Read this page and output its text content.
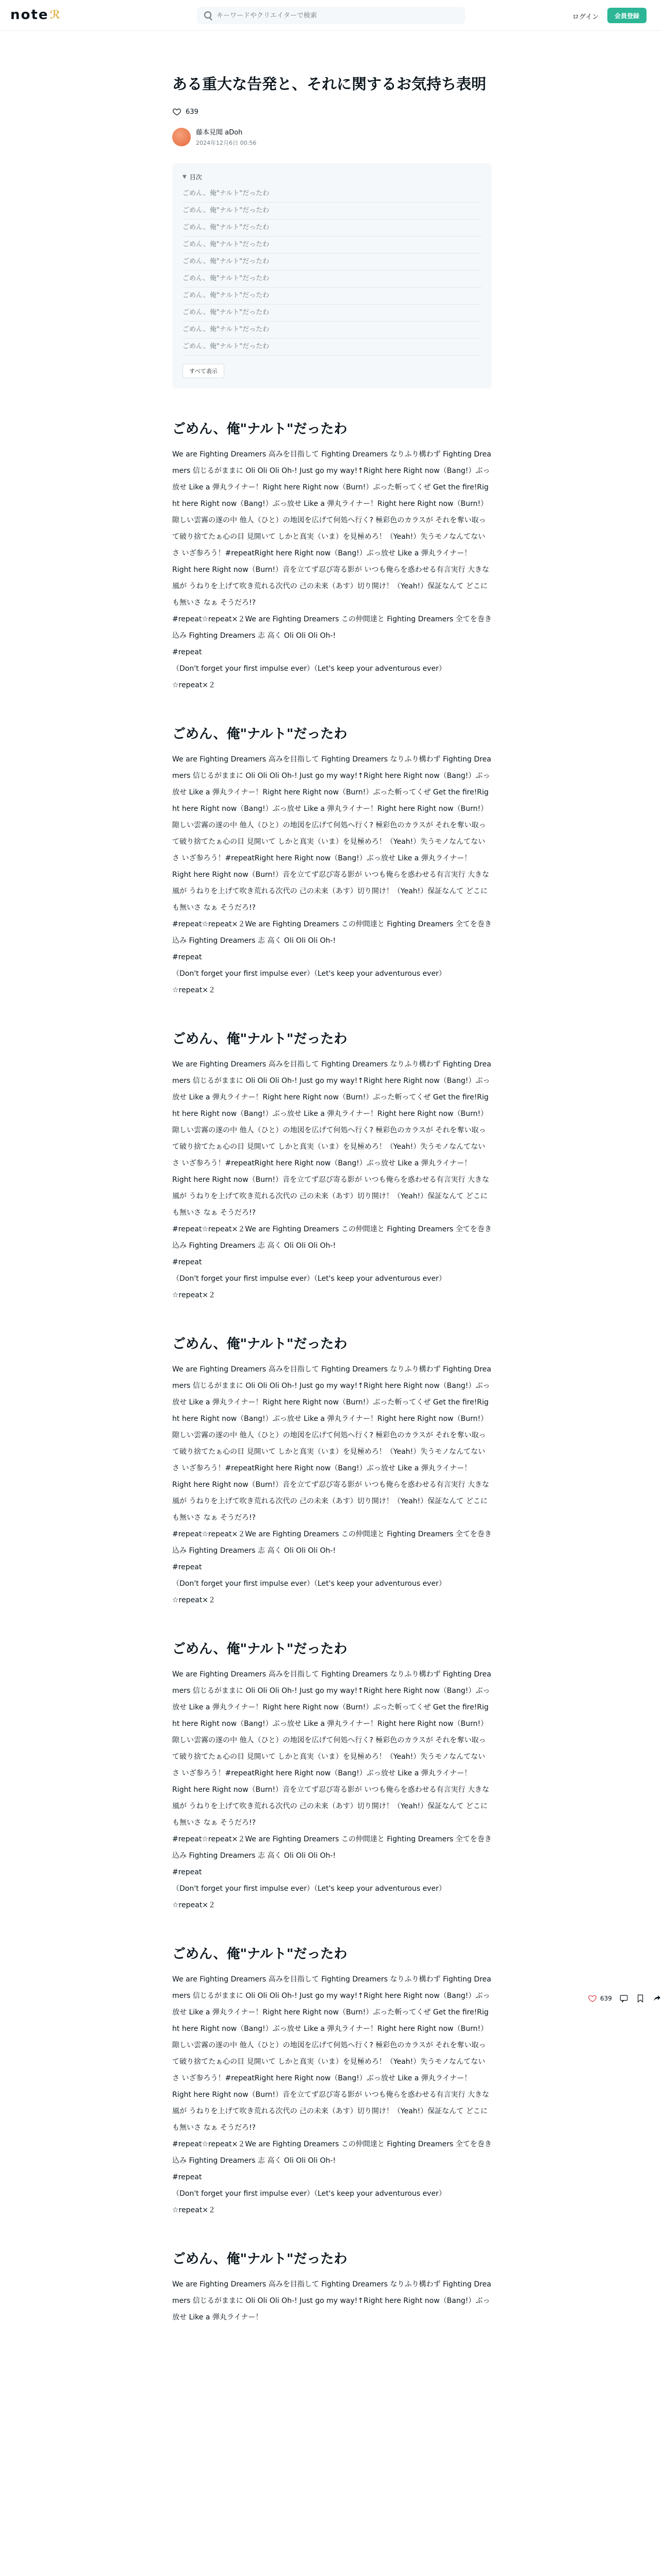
note ℛ
キーワードやクリエイターで検索	ログイン	会員登録
ある重大な告発と、それに関するお気持ち表明
639
藤本見聞 aDoh
2024年12月6日 00:56
▼ 目次
ごめん、俺"ナルト"だったわ
ごめん、俺"ナルト"だったわ
ごめん、俺"ナルト"だったわ
ごめん、俺"ナルト"だったわ
ごめん、俺"ナルト"だったわ
ごめん、俺"ナルト"だったわ
ごめん、俺"ナルト"だったわ
ごめん、俺"ナルト"だったわ
ごめん、俺"ナルト"だったわ
ごめん、俺"ナルト"だったわ
すべて表示
ごめん、俺"ナルト"だったわ

We are Fighting Dreamers 高みを目指して Fighting Dreamers なりふり構わず Fighting Dreamers 信じるがままに Oli Oli Oli Oh-! Just go my way!↑Right here Right now（Bang!）ぶっ放せ Like a 弾丸ライナー！Right here Right now（Burn!）ぶった斬ってくぜ Get the fire!Right here Right now（Bang!）ぶっ放せ Like a 弾丸ライナー！Right here Right now（Burn!）隙しい雲霧の遂の中 他人（ひと）の地図を広げて何処へ行く? 極彩色のカラスが それを奪い取って破り捨てたぁ心の目 見開いて しかと真実（いま）を見極めろ！（Yeah!）失うモノなんてないさ いざ参ろう！#repeatRight here Right now（Bang!）ぶっ放せ Like a 弾丸ライナー！

Right here Right now（Burn!）音を立てず忍び寄る影が いつも俺らを惑わせる有言実行 大きな風が うねりを上げて吹き荒れる次代の 己の未来（あす）切り開け！（Yeah!）保証なんて どこにも無いさ なぁ そうだろ!?

#repeat☆repeat×２We are Fighting Dreamers この仲間達と Fighting Dreamers 全てを巻き込み Fighting Dreamers 志 高く Oli Oli Oli Oh-!

#repeat

（Don't forget your first impulse ever）（Let's keep your adventurous ever）

☆repeat×２

ごめん、俺"ナルト"だったわ

We are Fighting Dreamers 高みを目指して Fighting Dreamers なりふり構わず Fighting Dreamers 信じるがままに Oli Oli Oli Oh-! Just go my way!↑Right here Right now（Bang!）ぶっ放せ Like a 弾丸ライナー！Right here Right now（Burn!）ぶった斬ってくぜ Get the fire!Right here Right now（Bang!）ぶっ放せ Like a 弾丸ライナー！Right here Right now（Burn!）隙しい雲霧の遂の中 他人（ひと）の地図を広げて何処へ行く? 極彩色のカラスが それを奪い取って破り捨てたぁ心の目 見開いて しかと真実（いま）を見極めろ！（Yeah!）失うモノなんてないさ いざ参ろう！#repeatRight here Right now（Bang!）ぶっ放せ Like a 弾丸ライナー！

Right here Right now（Burn!）音を立てず忍び寄る影が いつも俺らを惑わせる有言実行 大きな風が うねりを上げて吹き荒れる次代の 己の未来（あす）切り開け！（Yeah!）保証なんて どこにも無いさ なぁ そうだろ!?

#repeat☆repeat×２We are Fighting Dreamers この仲間達と Fighting Dreamers 全てを巻き込み Fighting Dreamers 志 高く Oli Oli Oli Oh-!

#repeat

（Don't forget your first impulse ever）（Let's keep your adventurous ever）

☆repeat×２

ごめん、俺"ナルト"だったわ

We are Fighting Dreamers 高みを目指して Fighting Dreamers なりふり構わず Fighting Dreamers 信じるがままに Oli Oli Oli Oh-! Just go my way!↑Right here Right now（Bang!）ぶっ放せ Like a 弾丸ライナー！Right here Right now（Burn!）ぶった斬ってくぜ Get the fire!Right here Right now（Bang!）ぶっ放せ Like a 弾丸ライナー！Right here Right now（Burn!）隙しい雲霧の遂の中 他人（ひと）の地図を広げて何処へ行く? 極彩色のカラスが それを奪い取って破り捨てたぁ心の目 見開いて しかと真実（いま）を見極めろ！（Yeah!）失うモノなんてないさ いざ参ろう！#repeatRight here Right now（Bang!）ぶっ放せ Like a 弾丸ライナー！

Right here Right now（Burn!）音を立てず忍び寄る影が いつも俺らを惑わせる有言実行 大きな風が うねりを上げて吹き荒れる次代の 己の未来（あす）切り開け！（Yeah!）保証なんて どこにも無いさ なぁ そうだろ!?

#repeat☆repeat×２We are Fighting Dreamers この仲間達と Fighting Dreamers 全てを巻き込み Fighting Dreamers 志 高く Oli Oli Oli Oh-!

#repeat

（Don't forget your first impulse ever）（Let's keep your adventurous ever）

☆repeat×２

ごめん、俺"ナルト"だったわ

We are Fighting Dreamers 高みを目指して Fighting Dreamers なりふり構わず Fighting Dreamers 信じるがままに Oli Oli Oli Oh-! Just go my way!↑Right here Right now（Bang!）ぶっ放せ Like a 弾丸ライナー！Right here Right now（Burn!）ぶった斬ってくぜ Get the fire!Right here Right now（Bang!）ぶっ放せ Like a 弾丸ライナー！Right here Right now（Burn!）隙しい雲霧の遂の中 他人（ひと）の地図を広げて何処へ行く? 極彩色のカラスが それを奪い取って破り捨てたぁ心の目 見開いて しかと真実（いま）を見極めろ！（Yeah!）失うモノなんてないさ いざ参ろう！#repeatRight here Right now（Bang!）ぶっ放せ Like a 弾丸ライナー！

Right here Right now（Burn!）音を立てず忍び寄る影が いつも俺らを惑わせる有言実行 大きな風が うねりを上げて吹き荒れる次代の 己の未来（あす）切り開け！（Yeah!）保証なんて どこにも無いさ なぁ そうだろ!?

#repeat☆repeat×２We are Fighting Dreamers この仲間達と Fighting Dreamers 全てを巻き込み Fighting Dreamers 志 高く Oli Oli Oli Oh-!

#repeat

（Don't forget your first impulse ever）（Let's keep your adventurous ever）

☆repeat×２

ごめん、俺"ナルト"だったわ

We are Fighting Dreamers 高みを目指して Fighting Dreamers なりふり構わず Fighting Dreamers 信じるがままに Oli Oli Oli Oh-! Just go my way!↑Right here Right now（Bang!）ぶっ放せ Like a 弾丸ライナー！Right here Right now（Burn!）ぶった斬ってくぜ Get the fire!Right here Right now（Bang!）ぶっ放せ Like a 弾丸ライナー！Right here Right now（Burn!）隙しい雲霧の遂の中 他人（ひと）の地図を広げて何処へ行く? 極彩色のカラスが それを奪い取って破り捨てたぁ心の目 見開いて しかと真実（いま）を見極めろ！（Yeah!）失うモノなんてないさ いざ参ろう！#repeatRight here Right now（Bang!）ぶっ放せ Like a 弾丸ライナー！

Right here Right now（Burn!）音を立てず忍び寄る影が いつも俺らを惑わせる有言実行 大きな風が うねりを上げて吹き荒れる次代の 己の未来（あす）切り開け！（Yeah!）保証なんて どこにも無いさ なぁ そうだろ!?

#repeat☆repeat×２We are Fighting Dreamers この仲間達と Fighting Dreamers 全てを巻き込み Fighting Dreamers 志 高く Oli Oli Oli Oh-!

#repeat

（Don't forget your first impulse ever）（Let's keep your adventurous ever）

☆repeat×２

ごめん、俺"ナルト"だったわ

We are Fighting Dreamers 高みを目指して Fighting Dreamers なりふり構わず Fighting Dreamers 信じるがままに Oli Oli Oli Oh-! Just go my way!↑Right here Right now（Bang!）ぶっ放せ Like a 弾丸ライナー！Right here Right now（Burn!）ぶった斬ってくぜ Get the fire!Right here Right now（Bang!）ぶっ放せ Like a 弾丸ライナー！Right here Right now（Burn!）隙しい雲霧の遂の中 他人（ひと）の地図を広げて何処へ行く? 極彩色のカラスが それを奪い取って破り捨てたぁ心の目 見開いて しかと真実（いま）を見極めろ！（Yeah!）失うモノなんてないさ いざ参ろう！#repeatRight here Right now（Bang!）ぶっ放せ Like a 弾丸ライナー！

Right here Right now（Burn!）音を立てず忍び寄る影が いつも俺らを惑わせる有言実行 大きな風が うねりを上げて吹き荒れる次代の 己の未来（あす）切り開け！（Yeah!）保証なんて どこにも無いさ なぁ そうだろ!?

#repeat☆repeat×２We are Fighting Dreamers この仲間達と Fighting Dreamers 全てを巻き込み Fighting Dreamers 志 高く Oli Oli Oli Oh-!

#repeat

（Don't forget your first impulse ever）（Let's keep your adventurous ever）

☆repeat×２

ごめん、俺"ナルト"だったわ

We are Fighting Dreamers 高みを目指して Fighting Dreamers なりふり構わず Fighting Dreamers 信じるがままに Oli Oli Oli Oh-! Just go my way!↑Right here Right now（Bang!）ぶっ放せ Like a 弾丸ライナー！

639
